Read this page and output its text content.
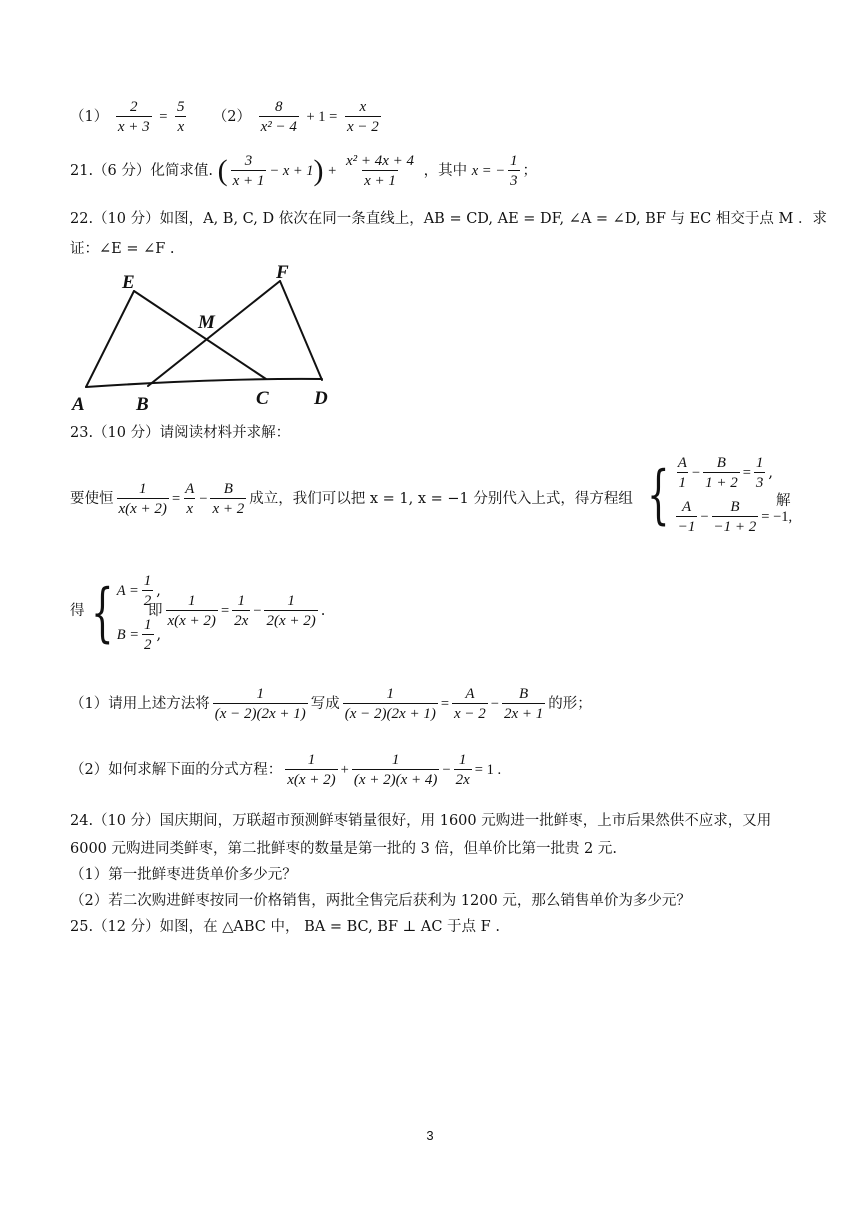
$(1) \frac{2}{x + 3} = \frac{5}{x} (2) \frac{8}{\text{x² − 4}} + 1 = \frac{x}{x - 2}$
21.（6 分）化简求值. ( $\frac{3}{x + 1} - x + 1) + \frac{\text{x² + 4x + 4}}{x + 1}$ ，其中 x = − $\frac{1}{3}$ ；
22.（10 分）如图，A, B, C, D 依次在同一条直线上，AB = CD, AE = DF, ∠A = ∠D, BF 与 EC 相交于点 M ．求
证：∠E = ∠F .
E	F
M
A	B	C D
23.（10 分）请阅读材料并求解：
要使恒 $\frac{1}{x(x + 2)} = \frac{A}{x} - \frac{B}{x + 2}$ 成立，我们可以把 x = 1, x = −1 分别代入上式，得方程组 { $\frac{A}{1} - \frac{B}{1 + 2} = \frac{1}{3}$ ,
$\frac{A}{-1} - \frac{B}{-1 + 2} = -1$,
解
得 { $A = \frac{1}{2}$ ,
$B = \frac{1}{2}$ ,
即 $\frac{1}{x(x + 2)} = \frac{1}{2x} - \frac{1}{2(x + 2)}$ .
（1）请用上述方法将 $\frac{1}{(x - 2)(2x + 1)}$ 写成 $\frac{1}{(x - 2)(2x + 1)} = \frac{A}{x - 2} - \frac{B}{2x + 1}$ 的形；
（2）如何求解下面的分式方程： $\frac{1}{x(x + 2)} + \frac{1}{(x + 2)(x + 4)} - \frac{1}{2x} = 1$ .
24.（10 分）国庆期间，万联超市预测鲜枣销量很好，用 1600 元购进一批鲜枣，上市后果然供不应求，又用
6000 元购进同类鲜枣，第二批鲜枣的数量是第一批的 3 倍，但单价比第一批贵 2 元.
（1）第一批鲜枣进货单价多少元？
（2）若二次购进鲜枣按同一价格销售，两批全售完后获利为 1200 元，那么销售单价为多少元？
25.（12 分）如图，在 △ABC 中， BA = BC, BF ⊥ AC 于点 F .
3
